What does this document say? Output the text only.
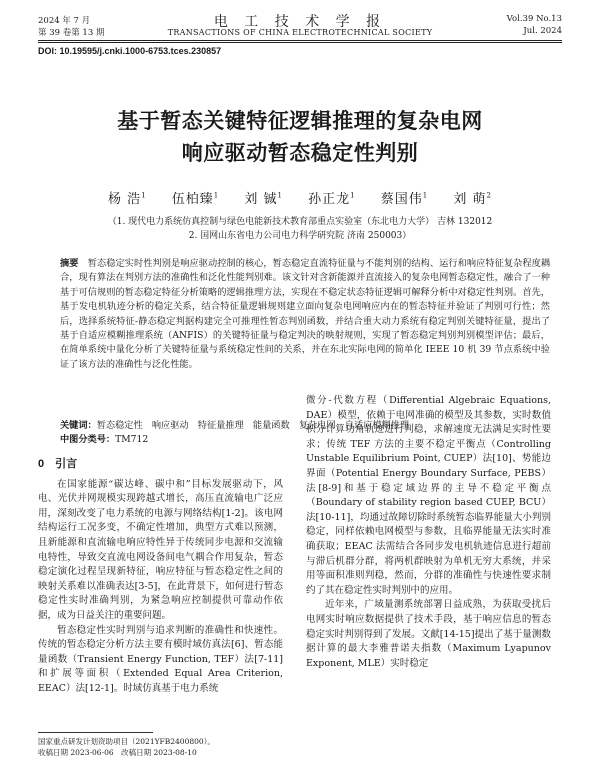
2024 年 7 月
第 39 卷第 13 期
电 工 技 术 学 报
TRANSACTIONS OF CHINA ELECTROTECHNICAL SOCIETY
Vol.39 No.13
Jul. 2024
DOI: 10.19595/j.cnki.1000-6753.tces.230857
基于暂态关键特征逻辑推理的复杂电网
响应驱动暂态稳定性判别
杨 浩$^1$ 伍柏臻$^1$ 刘 铖$^1$ 孙正龙$^1$ 蔡国伟$^1$ 刘 萌$^2$
（1. 现代电力系统仿真控制与绿色电能新技术教育部重点实验室（东北电力大学） 吉林 132012
2. 国网山东省电力公司电力科学研究院 济南 250003）
摘要　 暂态稳定实时性判别是响应驱动控制的核心，暂态稳定直流特征量与不能判别的结构、运行和响应特征复杂程度耦合，现有算法在判别方法的准确性和泛化性能判别难。该文针对含新能源并直流接入的复杂电网暂态稳定性，融合了一种基于可信规则的暂态稳定特征分析策略的逻辑推理方法，实现在不稳定状态特征逻辑可解释分析中对稳定性判别。首先，基于发电机轨迹分析的稳定关系，结合特征量逻辑规则建立面向复杂电网响应内在的暂态特征并验证了判别可行性；然后，选择系统特征-静态稳定判据构建完全可推理性暂态判别函数，并结合重大动力系统有稳定判别关键特征量，提出了基于自适应模糊推理系统（ANFIS）的关键特征量与稳定判决的映射规则，实现了暂态稳定判别判别模型评估；最后，在简单系统中量化分析了关键特征量与系统稳定性间的关系，并在东北实际电网的简单化 IEEE 10 机 39 节点系统中验证了该方法的准确性与泛化性能。
关键词：暂态稳定性　响应驱动　特征量推理　能量函数　复杂电网　自适应模糊推理
中图分类号：TM712
0　引言

在国家能源“碳达峰、碳中和”目标发展驱动下，风电、光伏并网规模实现跨越式增长，高压直流输电广泛应用，深刻改变了电力系统的电源与网络结构[1-2]。该电网结构运行工况多变，不确定性增加，典型方式难以预测，且新能源和直流输电响应特性异于传统同步电源和交流输电特性，导致交直流电网设备间电气耦合作用复杂，暂态稳定演化过程呈现新特征，响应特征与暂态稳定性之间的映射关系难以准确表达[3-5]，在此背景下，如何进行暂态稳定性实时准确判别，为紧急响应控制提供可靠动作依据，成为日益关注的重要问题。

暂态稳定性实时判别与追求判断的准确性和快速性。传统的暂态稳定分析方法主要有模时域仿真法[6]、暂态能量函数（Transient Energy Function, TEF）法[7-11]和扩展等面积（Extended Equal Area Criterion, EEAC）法[12-1]。时域仿真基于电力系统

微分-代数方程（Differential Algebraic Equations, DAE）模型，依赖于电网准确的模型及其参数，实时数值积分计算功角轨迹进行判稳，求解速度无法满足实时性要求；传统 TEF 方法的主要不稳定平衡点（Controlling Unstable Equilibrium Point, CUEP）法[10]、势能边界面（Potential Energy Boundary Surface, PEBS）法[8-9]和基于稳定域边界的主导不稳定平衡点（Boundary of stability region based CUEP, BCU）法[10-11]，均通过故障切除时系统暂态临界能量大小判别稳定，同样依赖电网模型与参数，且临界能量无法实时准确获取；EEAC 法需结合各同步发电机轨迹信息进行超前与滞后机群分群，将两机群映射为单机无穷大系统，并采用等面积准则判稳，然而，分群的准确性与快速性要求制约了其在稳定性实时判别中的应用。

近年来，广域量测系统部署日益成熟，为获取受扰后电网实时响应数据提供了技术手段，基于响应信息的暂态稳定实时判别得到了发展。文献[14-15]提出了基于量测数据计算的最大李雅普诺夫指数（Maximum Lyapunov Exponent, MLE）实时稳定

国家重点研发计划资助项目（2021YFB2400800）。
收稿日期 2023-06-06　改稿日期 2023-08-10
